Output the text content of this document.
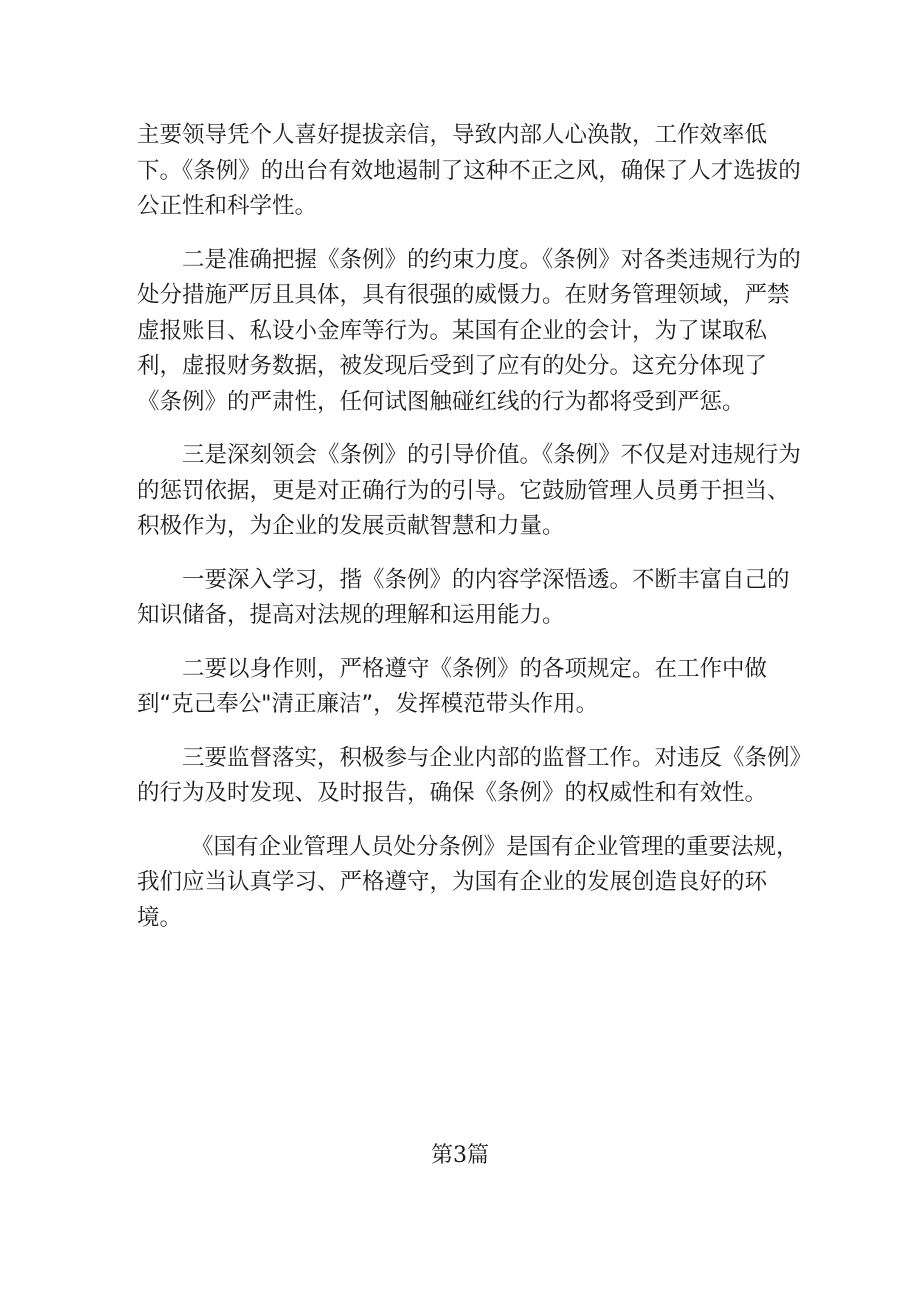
主要领导凭个人喜好提拔亲信，导致内部人心涣散，工作效率低下。《条例》的出台有效地遏制了这种不正之风，确保了人才选拔的公正性和科学性。

二是准确把握《条例》的约束力度。《条例》对各类违规行为的处分措施严厉且具体，具有很强的威慑力。在财务管理领域，严禁虚报账目、私设小金库等行为。某国有企业的会计，为了谋取私利，虚报财务数据，被发现后受到了应有的处分。这充分体现了《条例》的严肃性，任何试图触碰红线的行为都将受到严惩。

三是深刻领会《条例》的引导价值。《条例》不仅是对违规行为的惩罚依据，更是对正确行为的引导。它鼓励管理人员勇于担当、积极作为，为企业的发展贡献智慧和力量。

一要深入学习，揩《条例》的内容学深悟透。不断丰富自己的知识储备，提高对法规的理解和运用能力。

二要以身作则，严格遵守《条例》的各项规定。在工作中做到“克己奉公"清正廉洁”，发挥模范带头作用。

三要监督落实，积极参与企业内部的监督工作。对违反《条例》的行为及时发现、及时报告，确保《条例》的权威性和有效性。

《国有企业管理人员处分条例》是国有企业管理的重要法规，我们应当认真学习、严格遵守，为国有企业的发展创造良好的环境。

第3篇
